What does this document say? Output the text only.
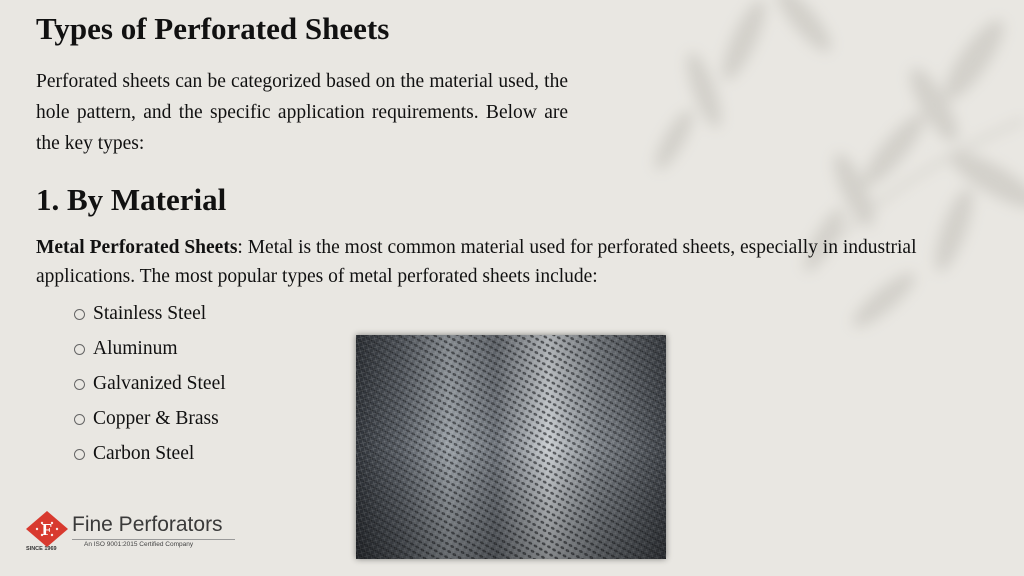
Types of Perforated Sheets

Perforated sheets can be categorized based on the material used, the hole pattern, and the specific application requirements. Below are the key types:

1. By Material

Metal Perforated Sheets: Metal is the most common material used for perforated sheets, especially in industrial applications. The most popular types of metal perforated sheets include:

Stainless Steel
Aluminum
Galvanized Steel
Copper & Brass
Carbon Steel
F Fine Perforators
An ISO 9001:2015 Certified Company
SINCE 1969
